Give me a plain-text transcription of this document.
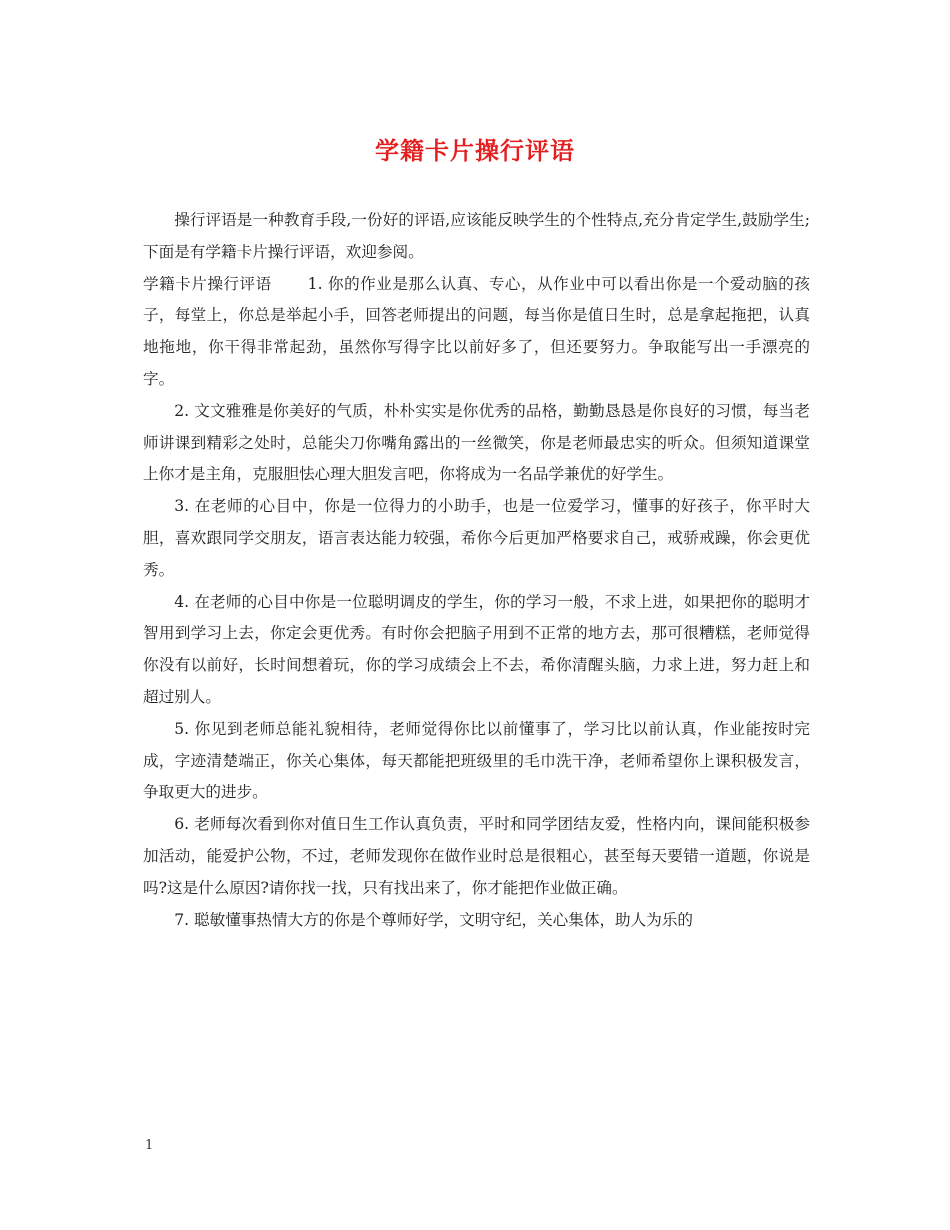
学籍卡片操行评语

操行评语是一种教育手段,一份好的评语,应该能反映学生的个性特点,充分肯定学生,鼓励学生;下面是有学籍卡片操行评语，欢迎参阅。

学籍卡片操行评语 1. 你的作业是那么认真、专心，从作业中可以看出你是一个爱动脑的孩子，每堂上，你总是举起小手，回答老师提出的问题，每当你是值日生时，总是拿起拖把，认真地拖地，你干得非常起劲，虽然你写得字比以前好多了，但还要努力。争取能写出一手漂亮的字。

2. 文文雅雅是你美好的气质，朴朴实实是你优秀的品格，勤勤恳恳是你良好的习惯，每当老师讲课到精彩之处时，总能尖刀你嘴角露出的一丝微笑，你是老师最忠实的听众。但须知道课堂上你才是主角，克服胆怯心理大胆发言吧，你将成为一名品学兼优的好学生。

3. 在老师的心目中，你是一位得力的小助手，也是一位爱学习，懂事的好孩子，你平时大胆，喜欢跟同学交朋友，语言表达能力较强，希你今后更加严格要求自己，戒骄戒躁，你会更优秀。

4. 在老师的心目中你是一位聪明调皮的学生，你的学习一般，不求上进，如果把你的聪明才智用到学习上去，你定会更优秀。有时你会把脑子用到不正常的地方去，那可很糟糕，老师觉得你没有以前好，长时间想着玩，你的学习成绩会上不去，希你清醒头脑，力求上进，努力赶上和超过别人。

5. 你见到老师总能礼貌相待，老师觉得你比以前懂事了，学习比以前认真，作业能按时完成，字迹清楚端正，你关心集体，每天都能把班级里的毛巾洗干净，老师希望你上课积极发言，争取更大的进步。

6. 老师每次看到你对值日生工作认真负责，平时和同学团结友爱，性格内向，课间能积极参加活动，能爱护公物，不过，老师发现你在做作业时总是很粗心，甚至每天要错一道题，你说是吗?这是什么原因?请你找一找，只有找出来了，你才能把作业做正确。

7. 聪敏懂事热情大方的你是个尊师好学，文明守纪，关心集体，助人为乐的

1
